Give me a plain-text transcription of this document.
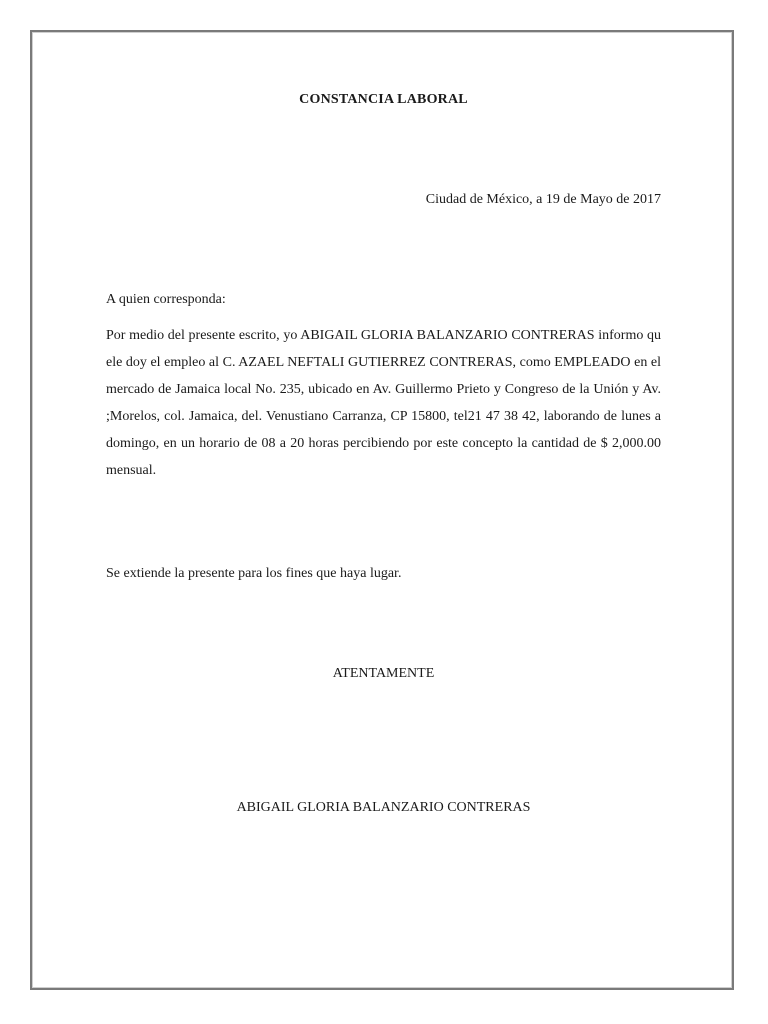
CONSTANCIA LABORAL

Ciudad de México, a 19 de Mayo de 2017

A quien corresponda:

Por medio del presente escrito, yo ABIGAIL GLORIA BALANZARIO CONTRERAS informo qu ele doy el empleo al C. AZAEL NEFTALI GUTIERREZ CONTRERAS, como EMPLEADO en el mercado de Jamaica local No. 235, ubicado en Av. Guillermo Prieto y Congreso de la Unión y Av. ;Morelos, col. Jamaica, del. Venustiano Carranza, CP 15800, tel21 47 38 42, laborando de lunes a domingo, en un horario de 08 a 20 horas percibiendo por este concepto la cantidad de $ 2,000.00 mensual.

Se extiende la presente para los fines que haya lugar.

ATENTAMENTE

ABIGAIL GLORIA BALANZARIO CONTRERAS
